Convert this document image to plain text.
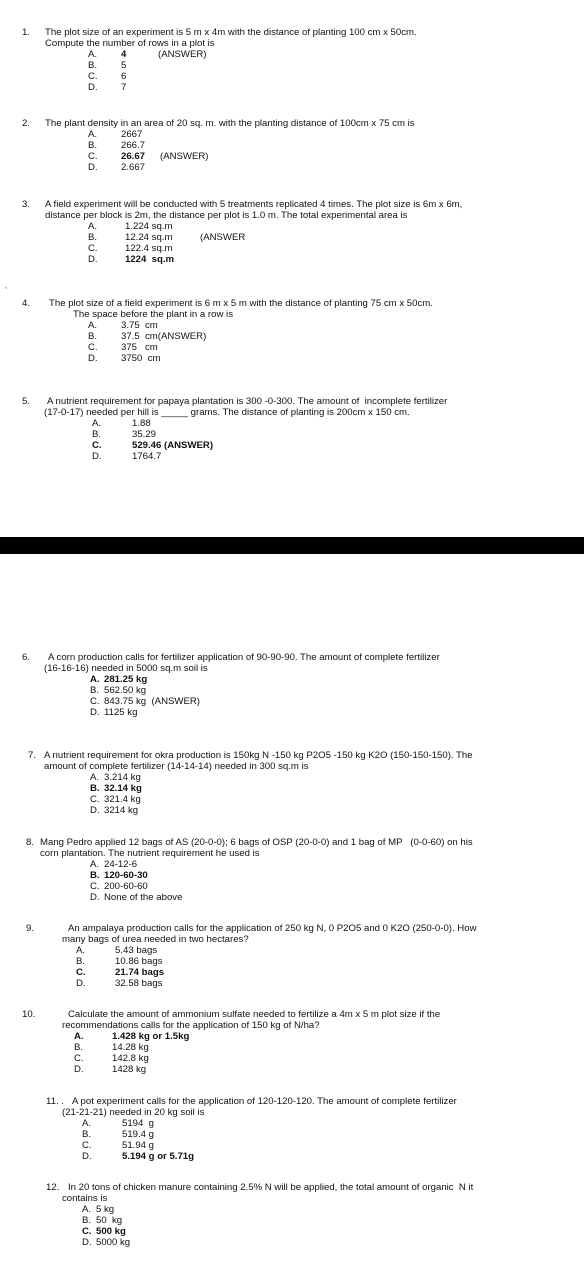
,
1. The plot size of an experiment is 5 m x 4m with the distance of planting 100 cm x 50cm.
Compute the number of rows in a plot is
A. 4	(ANSWER)
B. 5
C. 6
D. 7
2. The plant density in an area of 20 sq. m. with the planting distance of 100cm x 75 cm is
A. 2667
B. 266.7
C. 26.67 (ANSWER)
D. 2.667
3. A field experiment will be conducted with 5 treatments replicated 4 times. The plot size is 6m x 6m,
distance per block is 2m, the distance per plot is 1.0 m. The total experimental area is
A.	1.224 sq.m
B.	12.24 sq.m	(ANSWER
C.	122.4 sq.m
D.	1224  sq.m
4. The plot size of a field experiment is 6 m x 5 m with the distance of planting 75 cm x 50cm.
The space before the plant in a row is
A. 3.75  cm
B. 37.5  cm(ANSWER)
C. 375   cm
D. 3750  cm
5. A nutrient requirement for papaya plantation is 300 -0-300. The amount of  incomplete fertilizer
(17-0-17) needed per hill is _____ grams. The distance of planting is 200cm x 150 cm.
A.	1.88
B.	35.29
C.	529.46 (ANSWER)
D.	1764.7
6. A corn production calls for fertilizer application of 90-90-90. The amount of complete fertilizer
(16-16-16) needed in 5000 sq.m soil is
A. 281.25 kg
B. 562.50 kg
C. 843.75 kg  (ANSWER)
D. 1125 kg
7. A nutrient requirement for okra production is 150kg N -150 kg P2O5 -150 kg K2O (150-150-150). The
amount of complete fertilizer (14-14-14) needed in 300 sq.m is
A. 3.214 kg
B. 32.14 kg
C. 321.4 kg
D. 3214 kg
8. Mang Pedro applied 12 bags of AS (20-0-0); 6 bags of OSP (20-0-0) and 1 bag of MP   (0-0-60) on his
corn plantation. The nutrient requirement he used is
A. 24-12-6
B. 120-60-30
C. 200-60-60
D. None of the above
9.	An ampalaya production calls for the application of 250 kg N, 0 P2O5 and 0 K2O (250-0-0). How
many bags of urea needed in two hectares?
A.	5.43 bags
B.	10.86 bags
C.	21.74 bags
D.	32.58 bags
10.	Calculate the amount of ammonium sulfate needed to fertilize a 4m x 5 m plot size if the
recommendations calls for the application of 150 kg of N/ha?
A.	1.428 kg or 1.5kg
B.	14.28 kg
C.	142.8 kg
D.	1428 kg
11. . A pot experiment calls for the application of 120-120-120. The amount of complete fertilizer
(21-21-21) needed in 20 kg soil is
A.	5194  g
B.	519.4 g
C.	51.94 g
D.	5.194 g or 5.71g
12. In 20 tons of chicken manure containing 2.5% N will be applied, the total amount of organic  N it
contains is
A. 5 kg
B. 50  kg
C. 500 kg
D. 5000 kg
